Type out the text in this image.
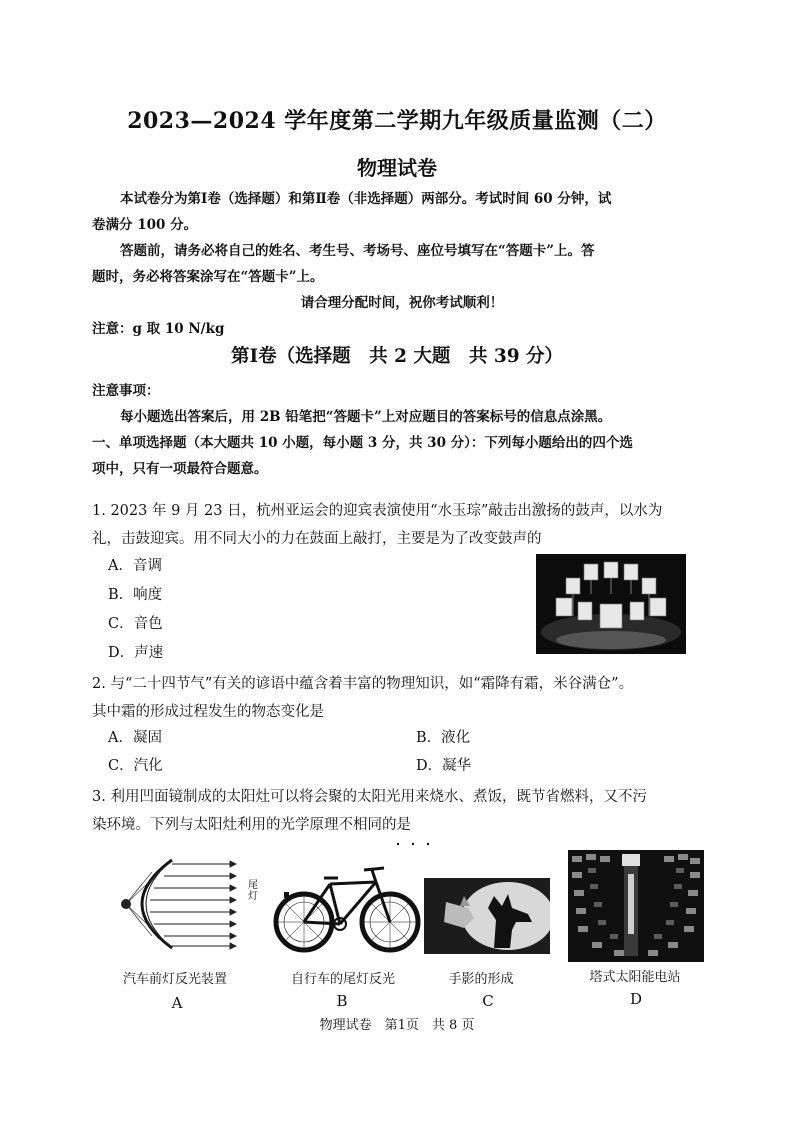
2023—2024 学年度第二学期九年级质量监测（二）
物理试卷
本试卷分为第Ⅰ卷（选择题）和第Ⅱ卷（非选择题）两部分。考试时间 60 分钟，试
卷满分 100 分。
答题前，请务必将自己的姓名、考生号、考场号、座位号填写在“答题卡”上。答
题时，务必将答案涂写在“答题卡”上。
请合理分配时间，祝你考试顺利！
注意：g 取 10 N/kg
第Ⅰ卷（选择题　共 2 大题　共 39 分）
注意事项：
每小题选出答案后，用 2B 铅笔把“答题卡”上对应题目的答案标号的信息点涂黑。
一、单项选择题（本大题共 10 小题，每小题 3 分，共 30 分）：下列每小题给出的四个选
项中，只有一项最符合题意。
1. 2023 年 9 月 23 日，杭州亚运会的迎宾表演使用“水玉琮”敲击出激扬的鼓声，以水为
礼，击鼓迎宾。用不同大小的力在鼓面上敲打，主要是为了改变鼓声的
A．音调
B．响度
C．音色
D．声速
2. 与“二十四节气”有关的谚语中蕴含着丰富的物理知识，如“霜降有霜，米谷满仓”。
其中霜的形成过程发生的物态变化是
A．凝固	B．液化
C．汽化	D．凝华
3. 利用凹面镜制成的太阳灶可以将会聚的太阳光用来烧水、煮饭，既节省燃料，又不污
染环境。下列与太阳灶利用的光学原理不相同的是
尾灯
汽车前灯反光装置	自行车的尾灯反光	手影的形成	塔式太阳能电站
A	B	C	D
物理试卷　第1页　共 8 页
